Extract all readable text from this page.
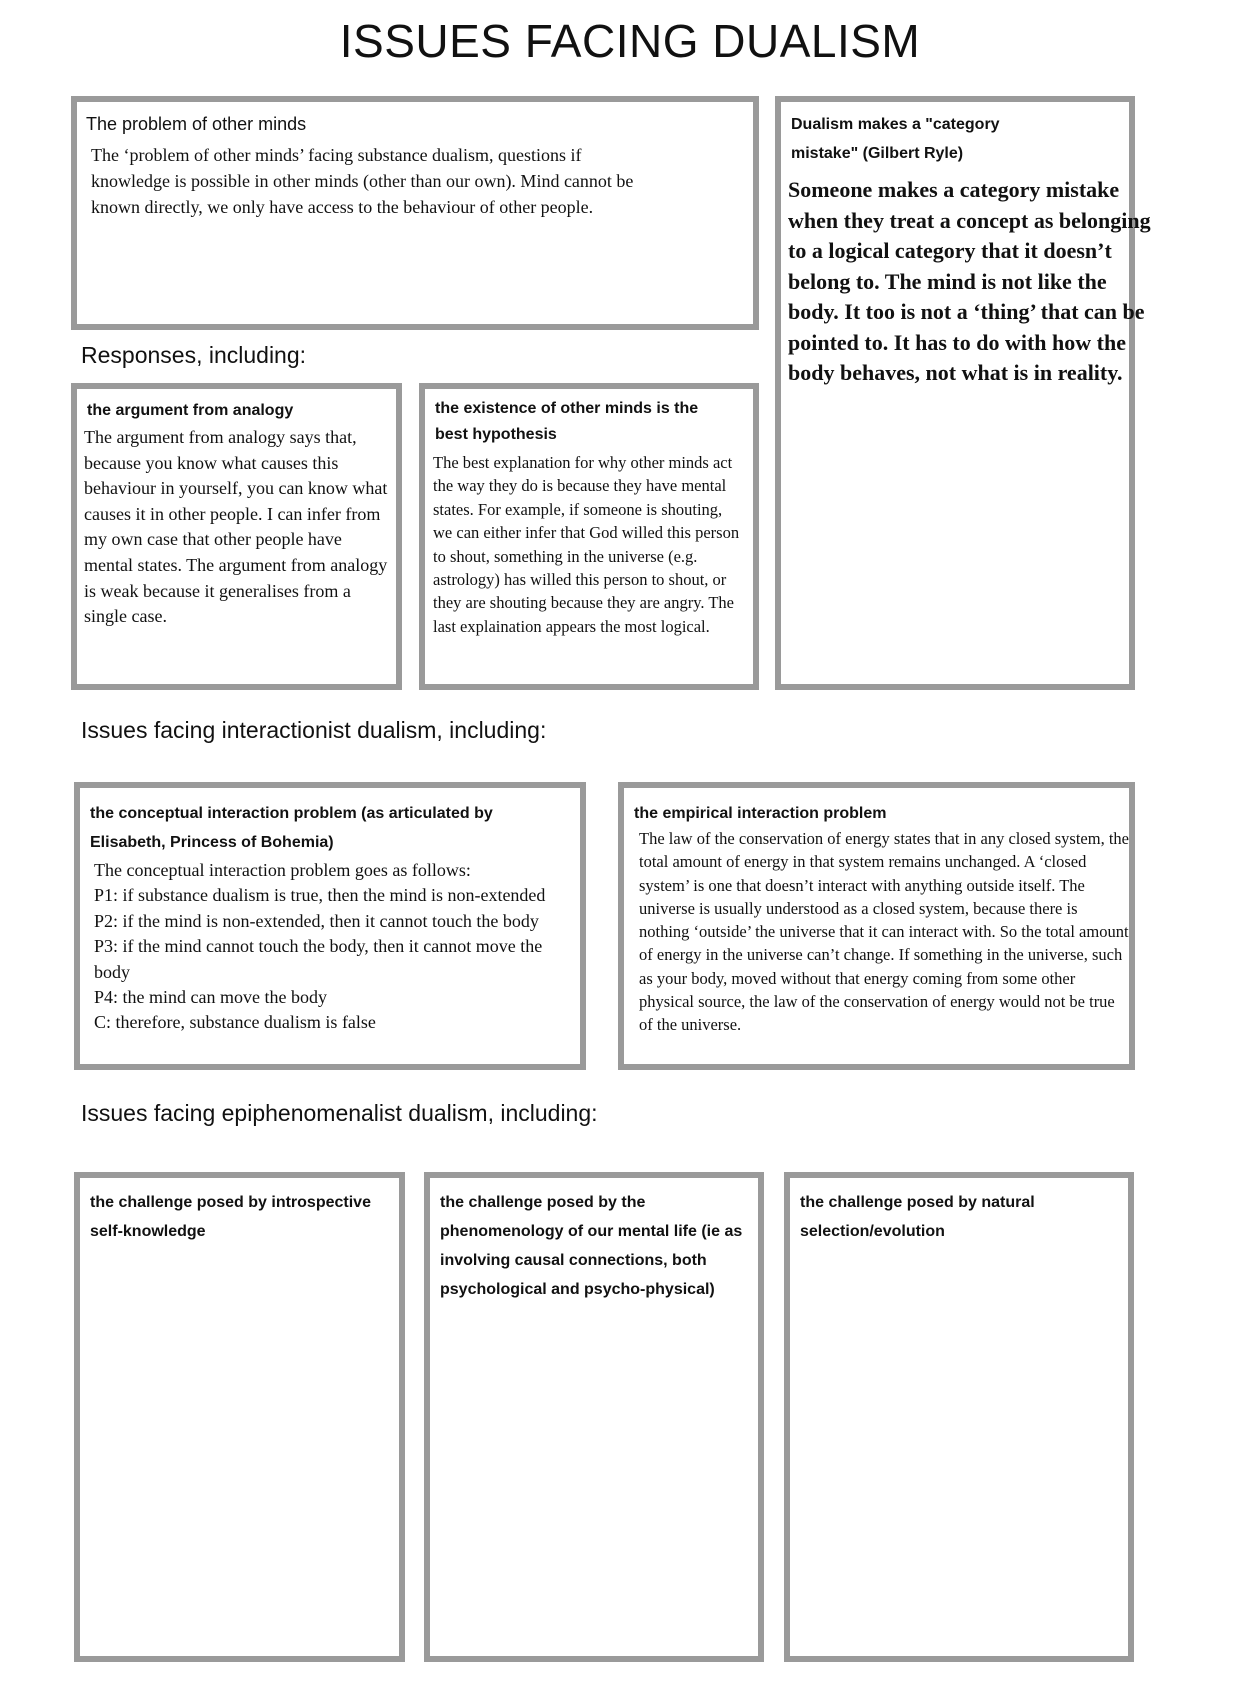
ISSUES FACING DUALISM

The problem of other minds

The ‘problem of other minds’ facing substance dualism, questions if knowledge is possible in other minds (other than our own). Mind cannot be known directly, we only have access to the behaviour of other people.

Dualism makes a "category mistake" (Gilbert Ryle)

Someone makes a category mistake when they treat a concept as belonging to a logical category that it doesn’t belong to. The mind is not like the body. It too is not a ‘thing’ that can be pointed to. It has to do with how the body behaves, not what is in reality.

Responses, including:

the argument from analogy

The argument from analogy says that, because you know what causes this behaviour in yourself, you can know what causes it in other people. I can infer from my own case that other people have mental states. The argument from analogy is weak because it generalises from a single case.

the existence of other minds is the best hypothesis

The best explanation for why other minds act the way they do is because they have mental states. For example, if someone is shouting, we can either infer that God willed this person to shout, something in the universe (e.g. astrology) has willed this person to shout, or they are shouting because they are angry. The last explaination appears the most logical.

Issues facing interactionist dualism, including:

the conceptual interaction problem (as articulated by Elisabeth, Princess of Bohemia)

The conceptual interaction problem goes as follows:

P1: if substance dualism is true, then the mind is non-extended

P2: if the mind is non-extended, then it cannot touch the body

P3: if the mind cannot touch the body, then it cannot move the body

P4: the mind can move the body

C: therefore, substance dualism is false

the empirical interaction problem

The law of the conservation of energy states that in any closed system, the total amount of energy in that system remains unchanged. A ‘closed system’ is one that doesn’t interact with anything outside itself. The universe is usually understood as a closed system, because there is nothing ‘outside’ the universe that it can interact with. So the total amount of energy in the universe can’t change. If something in the universe, such as your body, moved without that energy coming from some other physical source, the law of the conservation of energy would not be true of the universe.

Issues facing epiphenomenalist dualism, including:

the challenge posed by introspective self-knowledge

the challenge posed by the phenomenology of our mental life (ie as involving causal connections, both psychological and psycho-physical)

the challenge posed by natural selection/evolution
